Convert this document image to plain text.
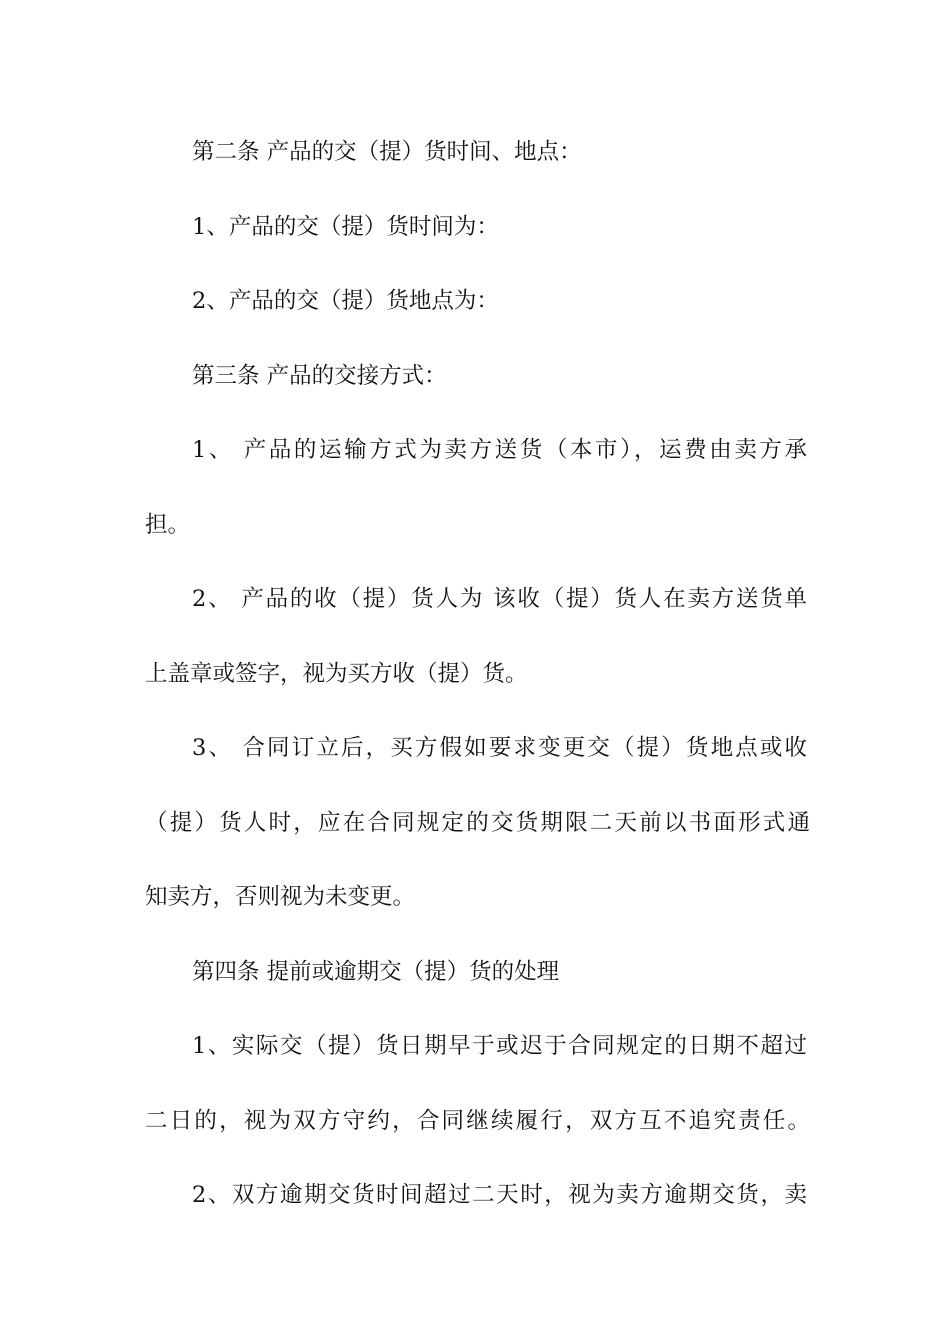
第二条 产品的交（提）货时间、地点：
1、产品的交（提）货时间为：
2、产品的交（提）货地点为：
第三条 产品的交接方式：
1、 产品的运输方式为卖方送货（本市），运费由卖方承
担。
2、 产品的收（提）货人为 该收（提）货人在卖方送货单
上盖章或签字，视为买方收（提）货。
3、 合同订立后，买方假如要求变更交（提）货地点或收
（提）货人时，应在合同规定的交货期限二天前以书面形式通
知卖方，否则视为未变更。
第四条 提前或逾期交（提）货的处理
1、实际交（提）货日期早于或迟于合同规定的日期不超过
二日的，视为双方守约，合同继续履行，双方互不追究责任。
2、双方逾期交货时间超过二天时，视为卖方逾期交货，卖
